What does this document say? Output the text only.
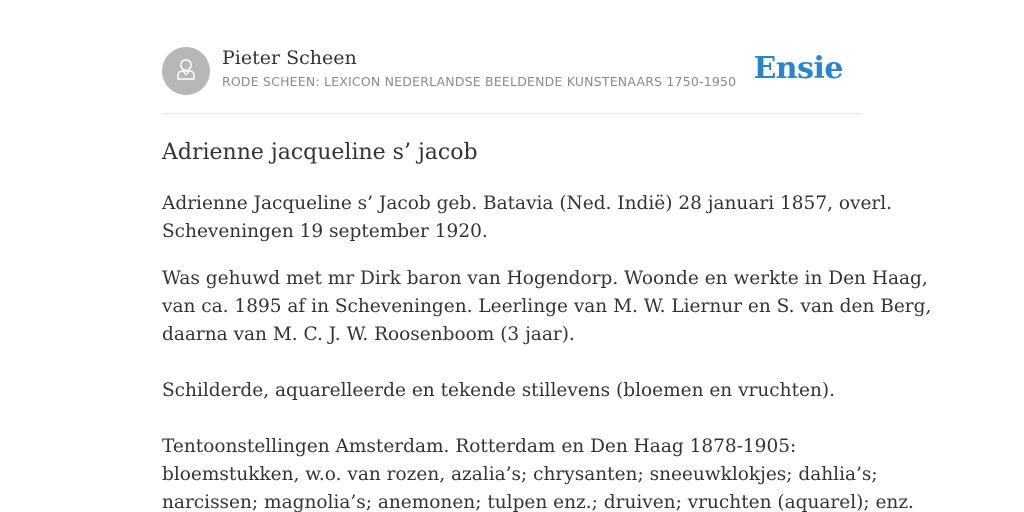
Pieter Scheen
RODE SCHEEN: LEXICON NEDERLANDSE BEELDENDE KUNSTENAARS 1750-1950 Ensie
Adrienne jacqueline s’ jacob

Adrienne Jacqueline s’ Jacob geb. Batavia (Ned. Indië) 28 januari 1857, overl.
Scheveningen 19 september 1920.

Was gehuwd met mr Dirk baron van Hogendorp. Woonde en werkte in Den Haag,
van ca. 1895 af in Scheveningen. Leerlinge van M. W. Liernur en S. van den Berg,
daarna van M. C. J. W. Roosenboom (3 jaar).

Schilderde, aquarelleerde en tekende stillevens (bloemen en vruchten).

Tentoonstellingen Amsterdam. Rotterdam en Den Haag 1878-1905:
bloemstukken, w.o. van rozen, azalia’s; chrysanten; sneeuwklokjes; dahlia’s;
narcissen; magnolia’s; anemonen; tulpen enz.; druiven; vruchten (aquarel); enz.
